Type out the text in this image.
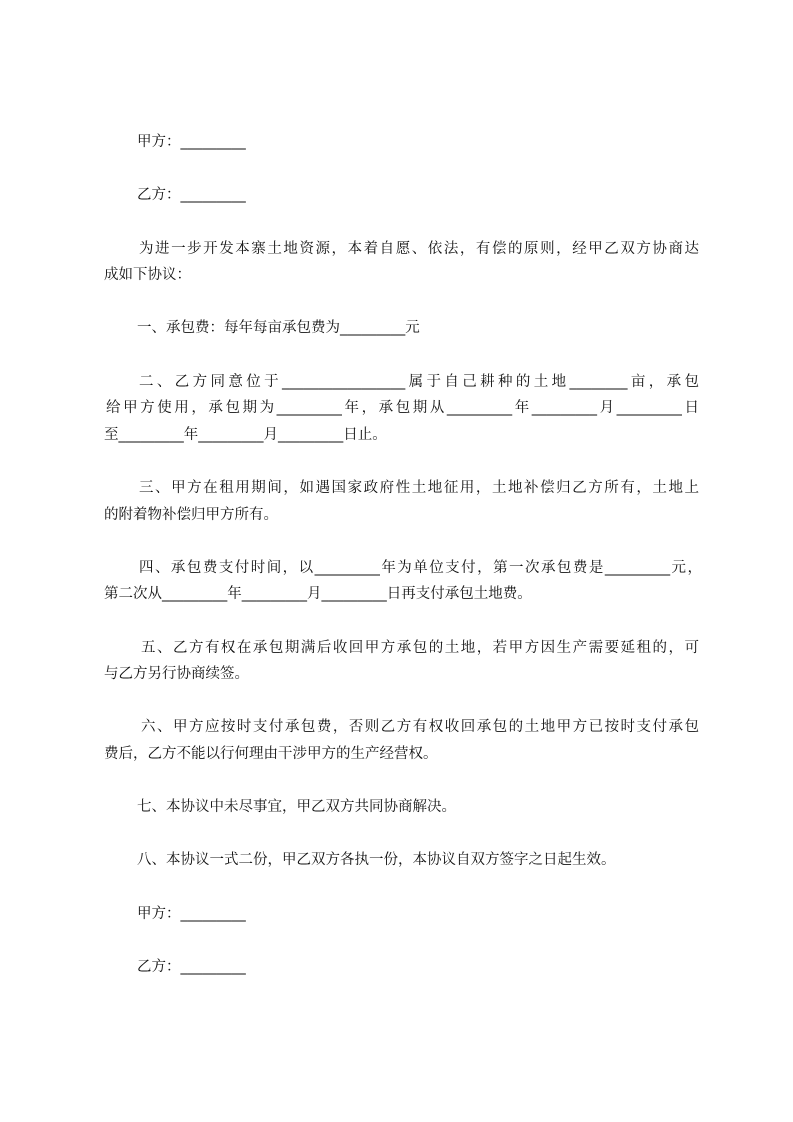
甲方：_________
乙方：_________
为进一步开发本寨土地资源，本着自愿、依法，有偿的原则，经甲乙双方协商达
成如下协议：
一、承包费：每年每亩承包费为_________元
二、乙方同意位于_________________属于自己耕种的土地________亩，承包
给甲方使用，承包期为_________年，承包期从_________年_________月_________日
至_________年_________月_________日止。
三、甲方在租用期间，如遇国家政府性土地征用，土地补偿归乙方所有，土地上
的附着物补偿归甲方所有。
四、承包费支付时间，以_________年为单位支付，第一次承包费是_________元，
第二次从_________年_________月_________日再支付承包土地费。
五、乙方有权在承包期满后收回甲方承包的土地，若甲方因生产需要延租的，可
与乙方另行协商续签。
六、甲方应按时支付承包费，否则乙方有权收回承包的土地甲方已按时支付承包
费后，乙方不能以行何理由干涉甲方的生产经营权。
七、本协议中未尽事宜，甲乙双方共同协商解决。
八、本协议一式二份，甲乙双方各执一份，本协议自双方签字之日起生效。
甲方：_________
乙方：_________
